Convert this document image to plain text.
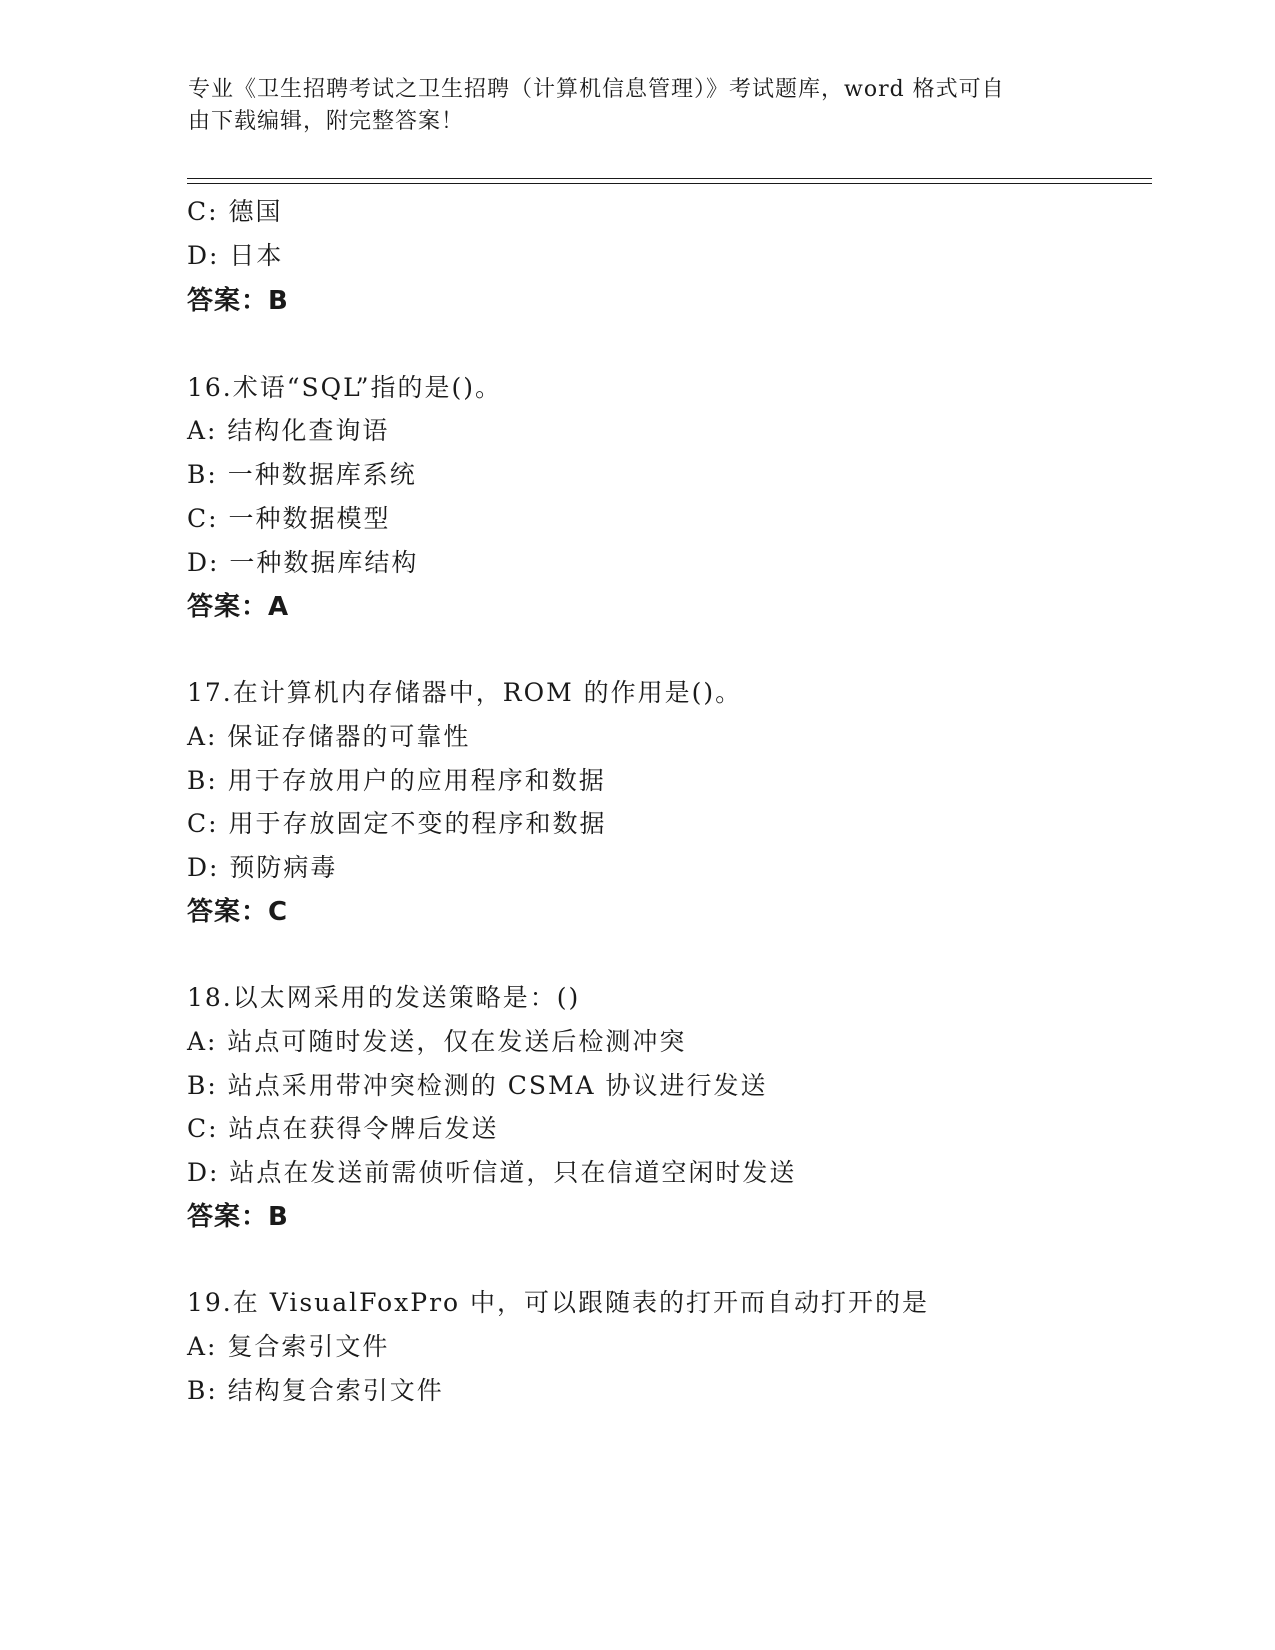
专业《卫生招聘考试之卫生招聘（计算机信息管理）》考试题库，word 格式可自
由下载编辑，附完整答案！
C: 德国
D: 日本
答案：B
16.术语“SQL”指的是()。
A: 结构化查询语
B: 一种数据库系统
C: 一种数据模型
D: 一种数据库结构
答案：A
17.在计算机内存储器中，ROM 的作用是()。
A: 保证存储器的可靠性
B: 用于存放用户的应用程序和数据
C: 用于存放固定不变的程序和数据
D: 预防病毒
答案：C
18.以太网采用的发送策略是：()
A: 站点可随时发送，仅在发送后检测冲突
B: 站点采用带冲突检测的 CSMA 协议进行发送
C: 站点在获得令牌后发送
D: 站点在发送前需侦听信道，只在信道空闲时发送
答案：B
19.在 VisualFoxPro 中，可以跟随表的打开而自动打开的是
A: 复合索引文件
B: 结构复合索引文件
